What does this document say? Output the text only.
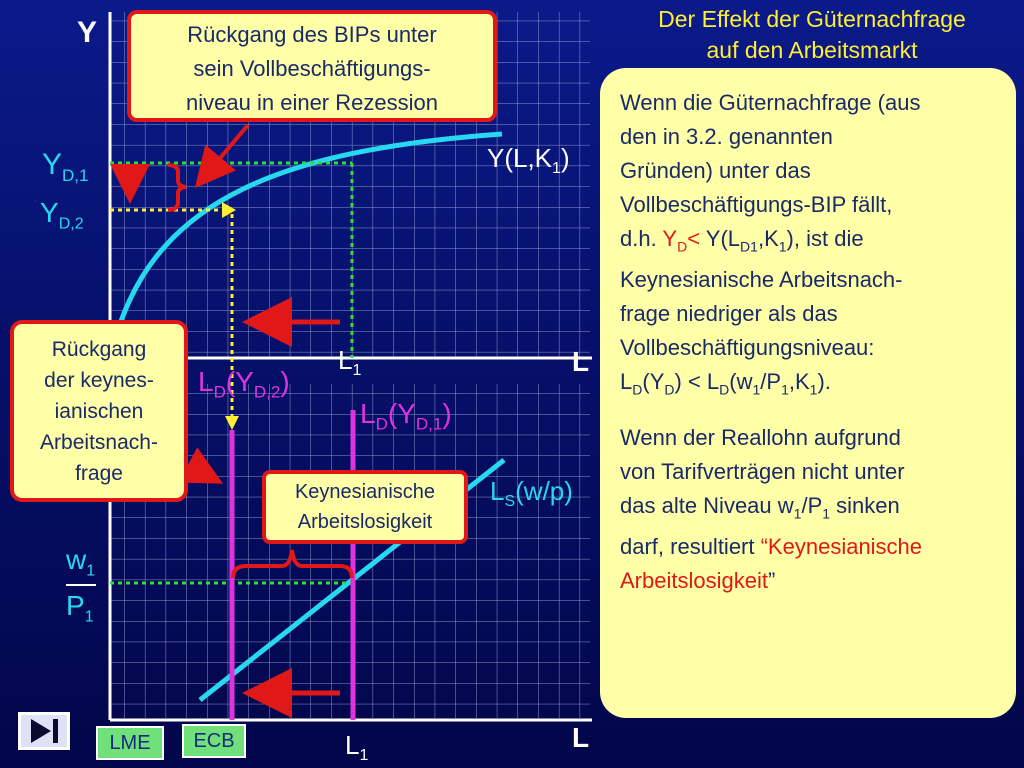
Der Effekt der Güternachfrage
auf den Arbeitsmarkt
Y
L
L
$L_1$
$L_1$
$Y(L,K_1)$
$Y_{D,1}$
$Y_{D,2}$
$L_D(Y_{D,2})$
$L_D(Y_{D,1})$
$L_S(w/p)$
$w_1$
$P_1$
Rückgang des BIPs unter
sein Vollbeschäftigungs-
niveau in einer Rezession
Rückgang
der keynes-
ianischen
Arbeitsnach-
frage
Keynesianische
Arbeitslosigkeit

Wenn die Güternachfrage (aus
den in 3.2. genannten
Gründen) unter das
Vollbeschäftigungs-BIP fällt,
d.h. $Y_D< Y(L_{D1},K_1)$, ist die
Keynesianische Arbeitsnach-
frage niedriger als das
Vollbeschäftigungsniveau:
$L_D(Y_D) < L_D(w_1/P_1,K_1)$.

Wenn der Reallohn aufgrund
von Tarifverträgen nicht unter
das alte Niveau $w_1/P_1$ sinken
darf, resultiert “Keynesianische
Arbeitslosigkeit”

LME	ECB
